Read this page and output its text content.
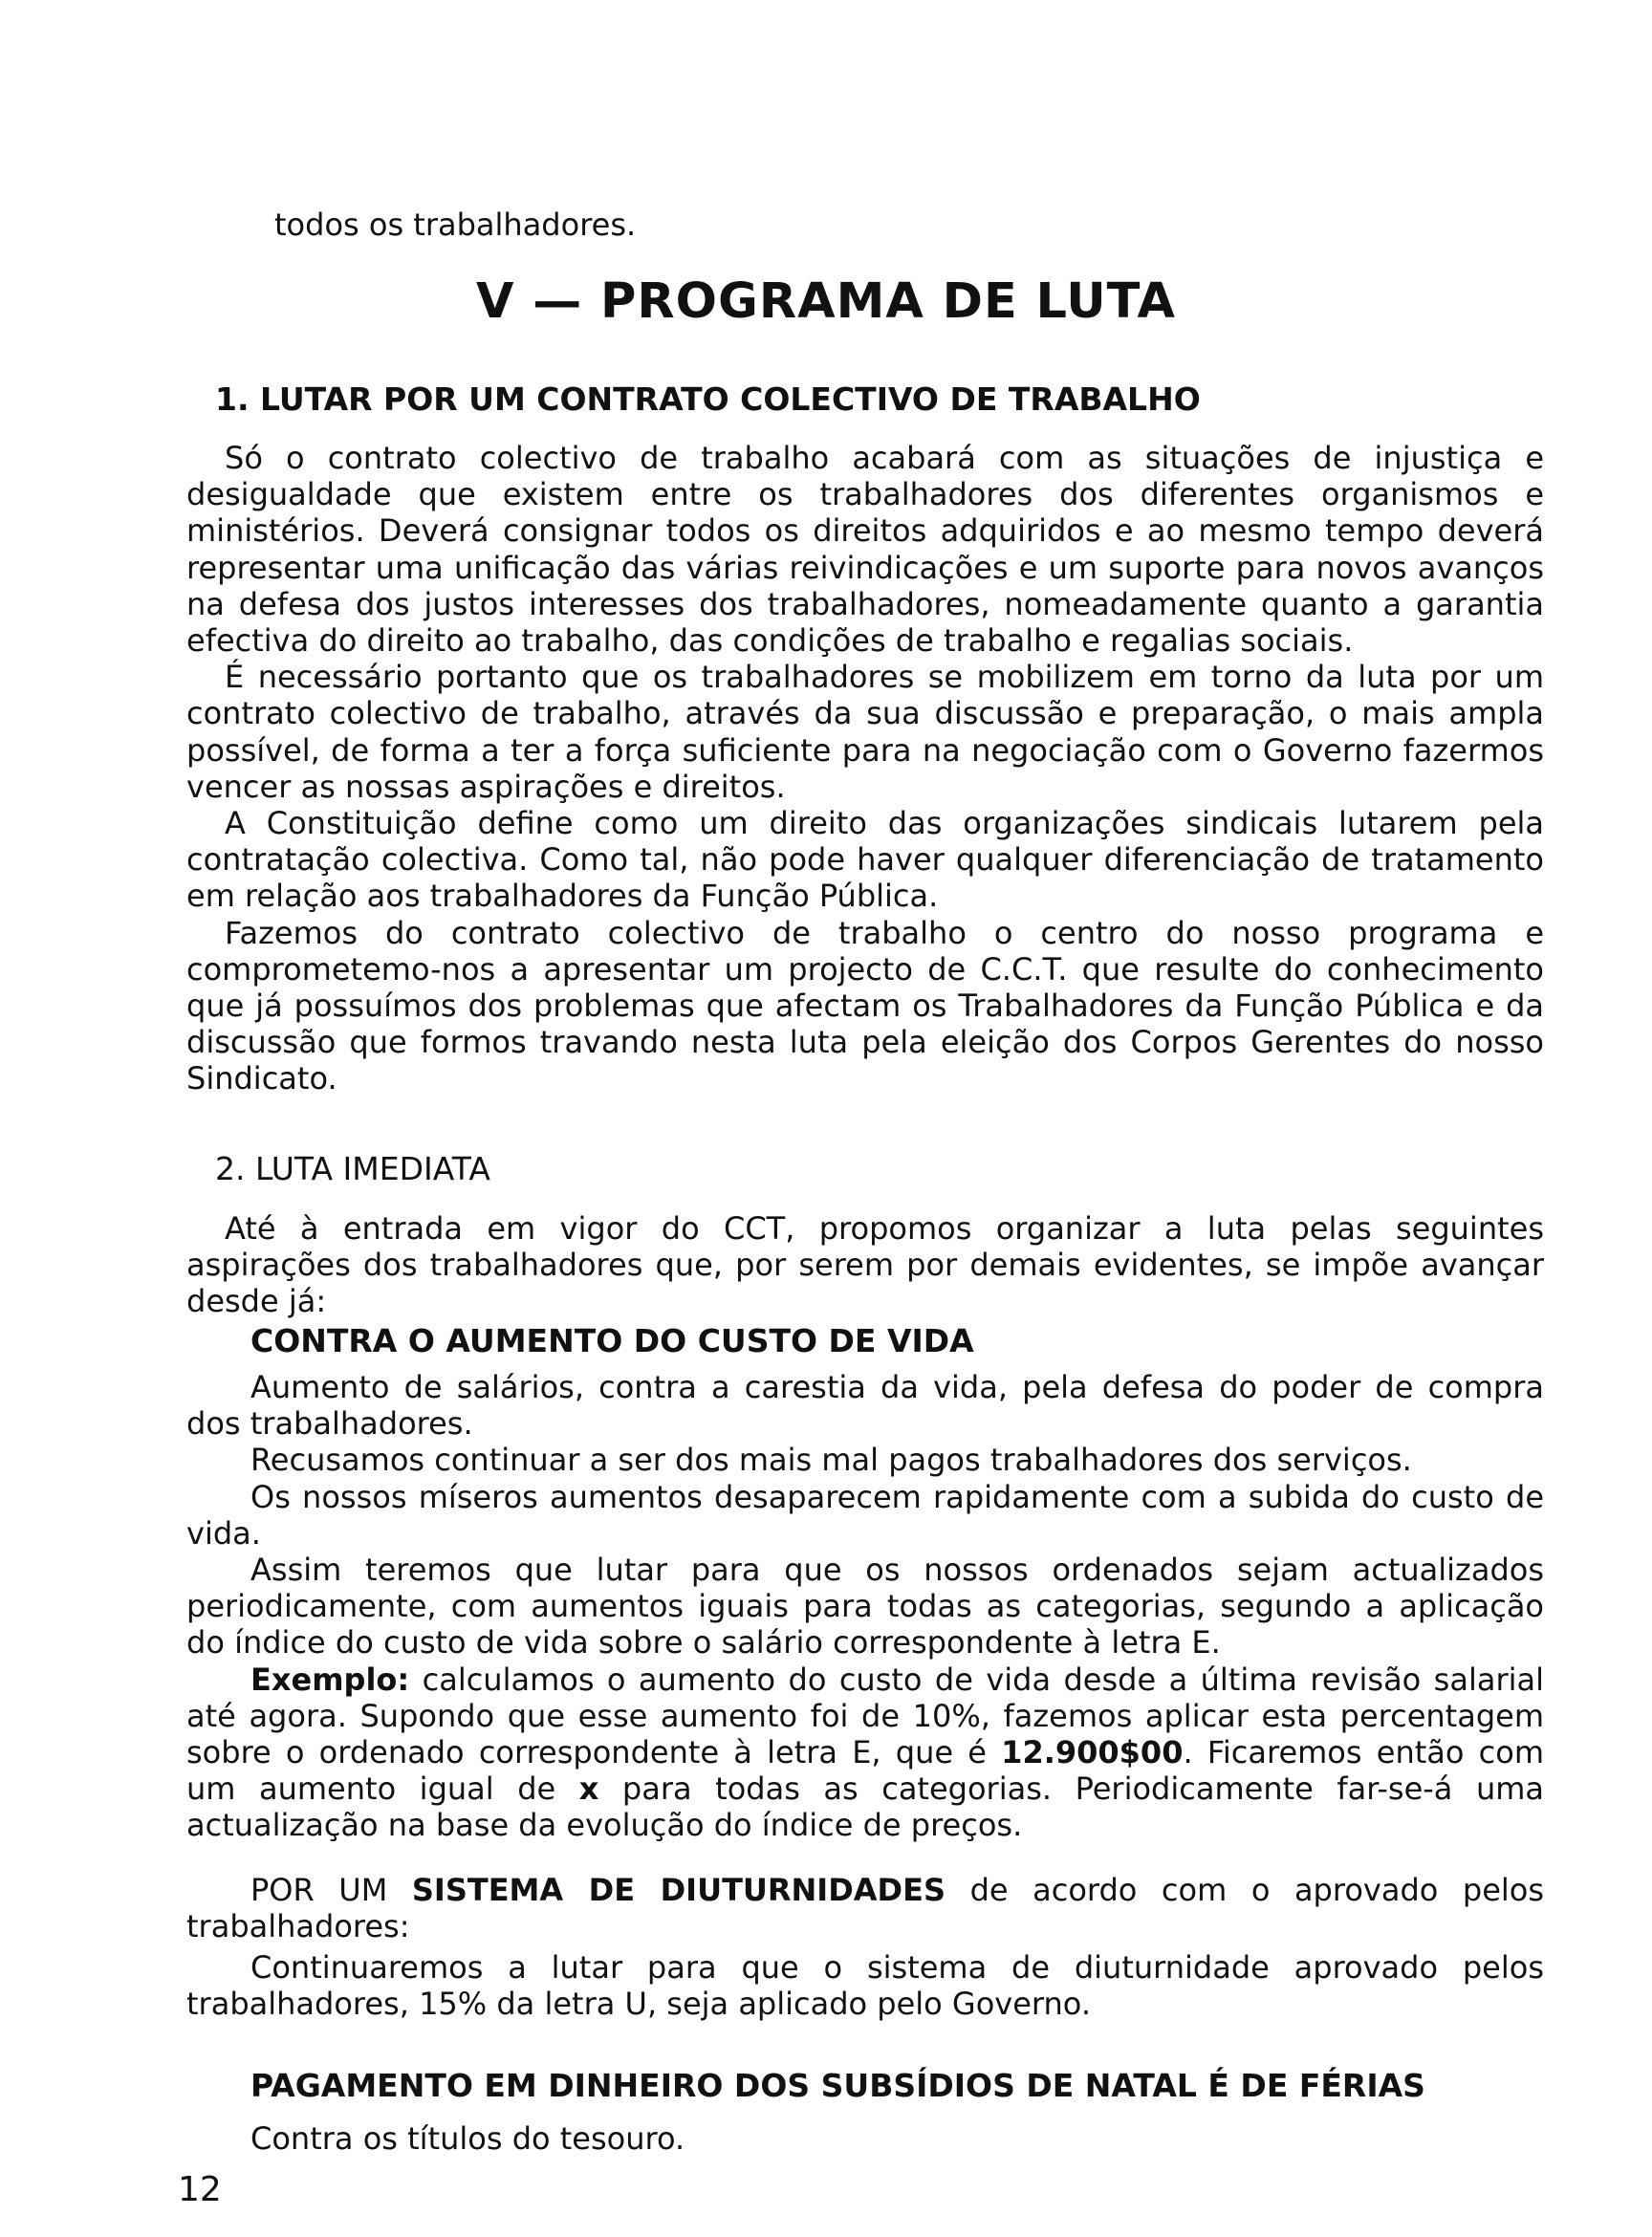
todos os trabalhadores.

V — PROGRAMA DE LUTA
1. LUTAR POR UM CONTRATO COLECTIVO DE TRABALHO

Só o contrato colectivo de trabalho acabará com as situações de injustiça e desigualdade que existem entre os trabalhadores dos diferentes organismos e ministérios. Deverá consignar todos os direitos adquiridos e ao mesmo tempo deverá representar uma unificação das várias reivindicações e um suporte para novos avanços na defesa dos justos interesses dos trabalhadores, nomeadamente quanto a garantia efectiva do direito ao trabalho, das condições de trabalho e regalias sociais.

É necessário portanto que os trabalhadores se mobilizem em torno da luta por um contrato colectivo de trabalho, através da sua discussão e preparação, o mais ampla possível, de forma a ter a força suficiente para na negociação com o Governo fazermos vencer as nossas aspirações e direitos.

A Constituição define como um direito das organizações sindicais lutarem pela contratação colectiva. Como tal, não pode haver qualquer diferenciação de tratamento em relação aos trabalhadores da Função Pública.

Fazemos do contrato colectivo de trabalho o centro do nosso programa e comprometemo-nos a apresentar um projecto de C.C.T. que resulte do conhecimento que já possuímos dos problemas que afectam os Trabalhadores da Função Pública e da discussão que formos travando nesta luta pela eleição dos Corpos Gerentes do nosso Sindicato.

2. LUTA IMEDIATA

Até à entrada em vigor do CCT, propomos organizar a luta pelas seguintes aspirações dos trabalhadores que, por serem por demais evidentes, se impõe avançar desde já:

CONTRA O AUMENTO DO CUSTO DE VIDA

Aumento de salários, contra a carestia da vida, pela defesa do poder de compra dos trabalhadores.

Recusamos continuar a ser dos mais mal pagos trabalhadores dos serviços.

Os nossos míseros aumentos desaparecem rapidamente com a subida do custo de vida.

Assim teremos que lutar para que os nossos ordenados sejam actualizados periodicamente, com aumentos iguais para todas as categorias, segundo a aplicação do índice do custo de vida sobre o salário correspondente à letra E.

Exemplo: calculamos o aumento do custo de vida desde a última revisão salarial até agora. Supondo que esse aumento foi de 10%, fazemos aplicar esta percentagem sobre o ordenado correspondente à letra E, que é 12.900$00. Ficaremos então com um aumento igual de x para todas as categorias. Periodicamente far-se-á uma actualização na base da evolução do índice de preços.

POR UM SISTEMA DE DIUTURNIDADES de acordo com o aprovado pelos trabalhadores:

Continuaremos a lutar para que o sistema de diuturnidade aprovado pelos trabalhadores, 15% da letra U, seja aplicado pelo Governo.

PAGAMENTO EM DINHEIRO DOS SUBSÍDIOS DE NATAL É DE FÉRIAS

Contra os títulos do tesouro.

12
